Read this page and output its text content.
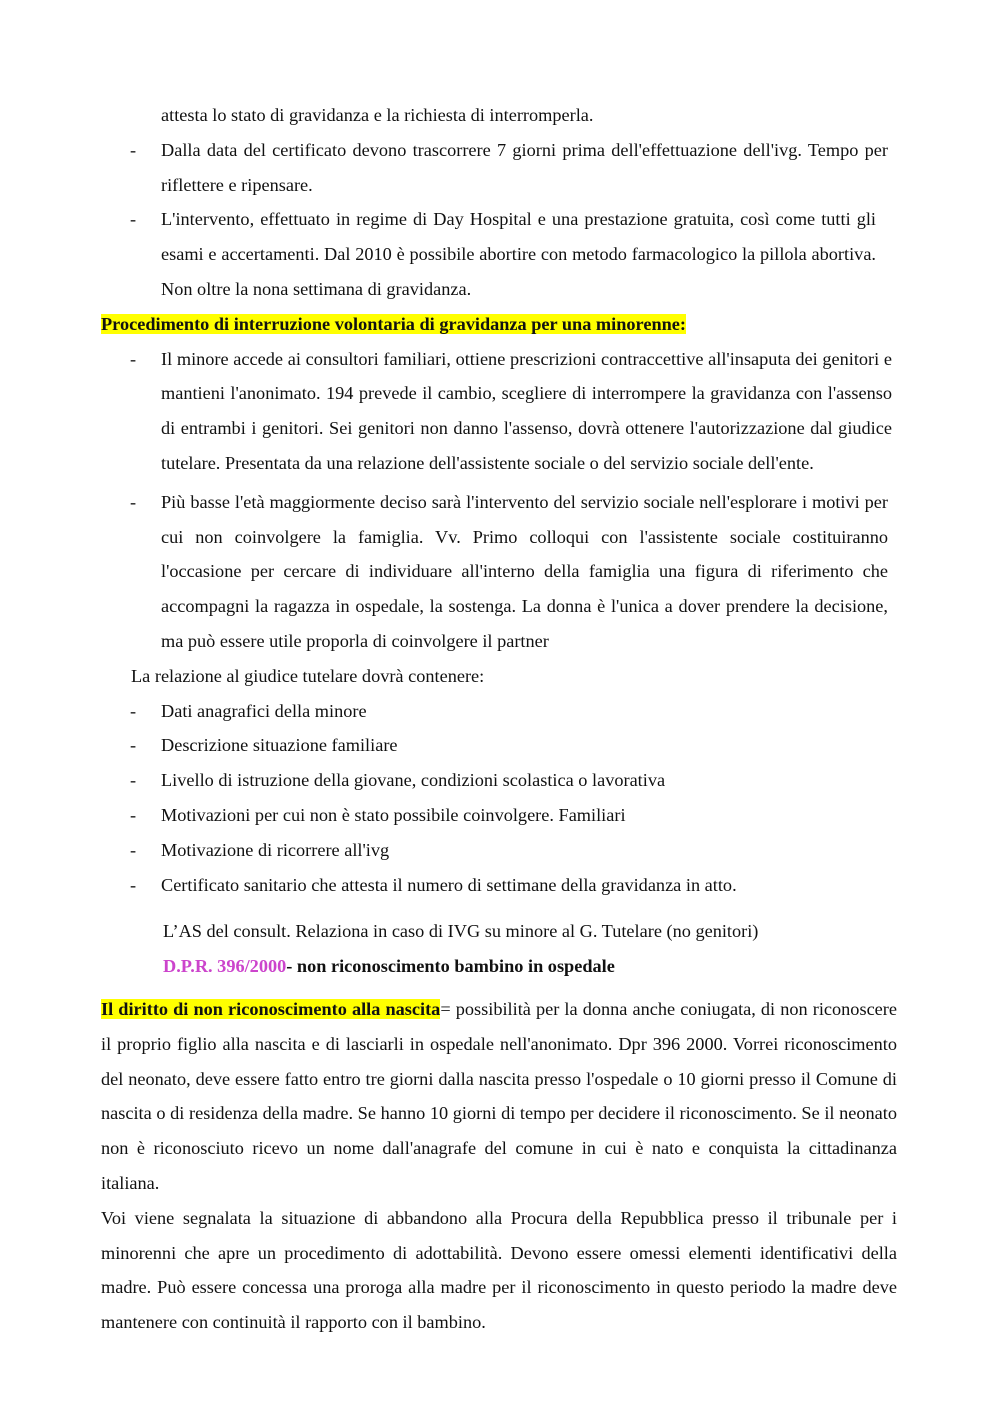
attesta lo stato di gravidanza e la richiesta di interromperla.

- Dalla data del certificato devono trascorrere 7 giorni prima dell'effettuazione dell'ivg. Tempo per riflettere e ripensare.
- L'intervento, effettuato in regime di Day Hospital e una prestazione gratuita, così come tutti gli esami e accertamenti. Dal 2010 è possibile abortire con metodo farmacologico la pillola abortiva. Non oltre la nona settimana di gravidanza.

Procedimento di interruzione volontaria di gravidanza per una minorenne:

- Il minore accede ai consultori familiari, ottiene prescrizioni contraccettive all'insaputa dei genitori e mantieni l'anonimato. 194 prevede il cambio, scegliere di interrompere la gravidanza con l'assenso di entrambi i genitori. Sei genitori non danno l'assenso, dovrà ottenere l'autorizzazione dal giudice tutelare. Presentata da una relazione dell'assistente sociale o del servizio sociale dell'ente.
- Più basse l'età maggiormente deciso sarà l'intervento del servizio sociale nell'esplorare i motivi per cui non coinvolgere la famiglia. Vv. Primo colloqui con l'assistente sociale costituiranno l'occasione per cercare di individuare all'interno della famiglia una figura di riferimento che accompagni la ragazza in ospedale, la sostenga. La donna è l'unica a dover prendere la decisione, ma può essere utile proporla di coinvolgere il partner

La relazione al giudice tutelare dovrà contenere:

- Dati anagrafici della minore
- Descrizione situazione familiare
- Livello di istruzione della giovane, condizioni scolastica o lavorativa
- Motivazioni per cui non è stato possibile coinvolgere. Familiari
- Motivazione di ricorrere all'ivg
- Certificato sanitario che attesta il numero di settimane della gravidanza in atto.

L’AS del consult. Relaziona in caso di IVG su minore al G. Tutelare (no genitori)

D.P.R. 396/2000- non riconoscimento bambino in ospedale

Il diritto di non riconoscimento alla nascita= possibilità per la donna anche coniugata, di non riconoscere il proprio figlio alla nascita e di lasciarli in ospedale nell'anonimato. Dpr 396 2000. Vorrei riconoscimento del neonato, deve essere fatto entro tre giorni dalla nascita presso l'ospedale o 10 giorni presso il Comune di nascita o di residenza della madre. Se hanno 10 giorni di tempo per decidere il riconoscimento. Se il neonato non è riconosciuto ricevo un nome dall'anagrafe del comune in cui è nato e conquista la cittadinanza italiana.

Voi viene segnalata la situazione di abbandono alla Procura della Repubblica presso il tribunale per i minorenni che apre un procedimento di adottabilità. Devono essere omessi elementi identificativi della madre. Può essere concessa una proroga alla madre per il riconoscimento in questo periodo la madre deve mantenere con continuità il rapporto con il bambino.
